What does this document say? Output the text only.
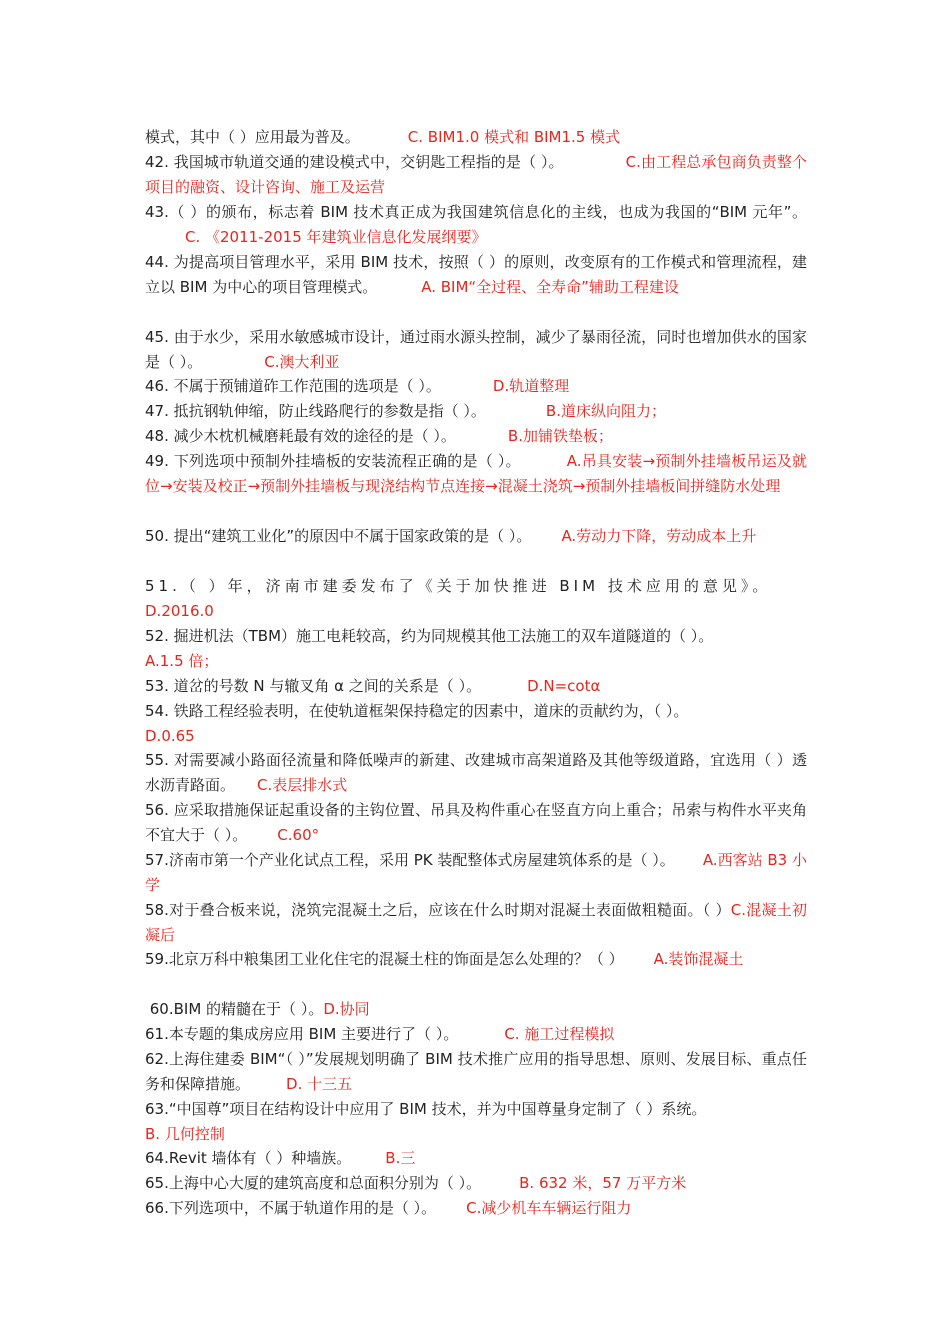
模式，其中（ ）应用最为普及。	C. BIM1.0 模式和 BIM1.5 模式
42. 我国城市轨道交通的建设模式中，交钥匙工程指的是（ ）。	C.由工程总承包商负责整个项目的融资、设计咨询、施工及运营
43.（ ）的颁布，标志着 BIM 技术真正成为我国建筑信息化的主线，也成为我国的“BIM 元年”。C. 《2011-2015 年建筑业信息化发展纲要》
44. 为提高项目管理水平，采用 BIM 技术，按照（ ）的原则，改变原有的工作模式和管理流程，建立以 BIM 为中心的项目管理模式。	A. BIM“全过程、全寿命”辅助工程建设
45. 由于水少，采用水敏感城市设计，通过雨水源头控制，减少了暴雨径流，同时也增加供水的国家是（ ）。	C.澳大利亚
46. 不属于预铺道砟工作范围的选项是（ ）。	D.轨道整理
47. 抵抗钢轨伸缩，防止线路爬行的参数是指（ ）。	B.道床纵向阻力；
48. 减少木枕机械磨耗最有效的途径的是（ ）。	B.加铺铁垫板；
49. 下列选项中预制外挂墙板的安装流程正确的是（ ）。	A.吊具安装→预制外挂墙板吊运及就位→安装及校正→预制外挂墙板与现浇结构节点连接→混凝土浇筑→预制外挂墙板间拼缝防水处理
50. 提出“建筑工业化”的原因中不属于国家政策的是（ ）。 A.劳动力下降，劳动成本上升
51.（ ）年，济南市建委发布了《关于加快推进 BIM 技术应用的意见》。
D.2016.0
52. 掘进机法（TBM）施工电耗较高，约为同规模其他工法施工的双车道隧道的（ ）。
A.1.5 倍；
53. 道岔的号数 N 与辙叉角 α 之间的关系是（ ）。	D.N=cotα
54. 铁路工程经验表明，在使轨道框架保持稳定的因素中，道床的贡献约为，（ ）。
D.0.65
55. 对需要减小路面径流量和降低噪声的新建、改建城市高架道路及其他等级道路，宜选用（ ）透水沥青路面。 C.表层排水式
56. 应采取措施保证起重设备的主钩位置、吊具及构件重心在竖直方向上重合；吊索与构件水平夹角不宜大于（ ）。 C.60°
57.济南市第一个产业化试点工程，采用 PK 装配整体式房屋建筑体系的是（ ）。 A.西客站 B3 小学
58.对于叠合板来说，浇筑完混凝土之后，应该在什么时期对混凝土表面做粗糙面。（ ）C.混凝土初凝后
59.北京万科中粮集团工业化住宅的混凝土柱的饰面是怎么处理的？（ ） A.装饰混凝土
60.BIM 的精髓在于（ ）。D.协同
61.本专题的集成房应用 BIM 主要进行了（ ）。	C. 施工过程模拟
62.上海住建委 BIM“（ ）”发展规划明确了 BIM 技术推广应用的指导思想、原则、发展目标、重点任务和保障措施。 D. 十三五
63.“中国尊”项目在结构设计中应用了 BIM 技术，并为中国尊量身定制了（ ）系统。
B. 几何控制
64.Revit 墙体有（ ）种墙族。 B.三
65.上海中心大厦的建筑高度和总面积分别为（ ）。	B. 632 米，57 万平方米
66.下列选项中，不属于轨道作用的是（ ）。 C.减少机车车辆运行阻力
